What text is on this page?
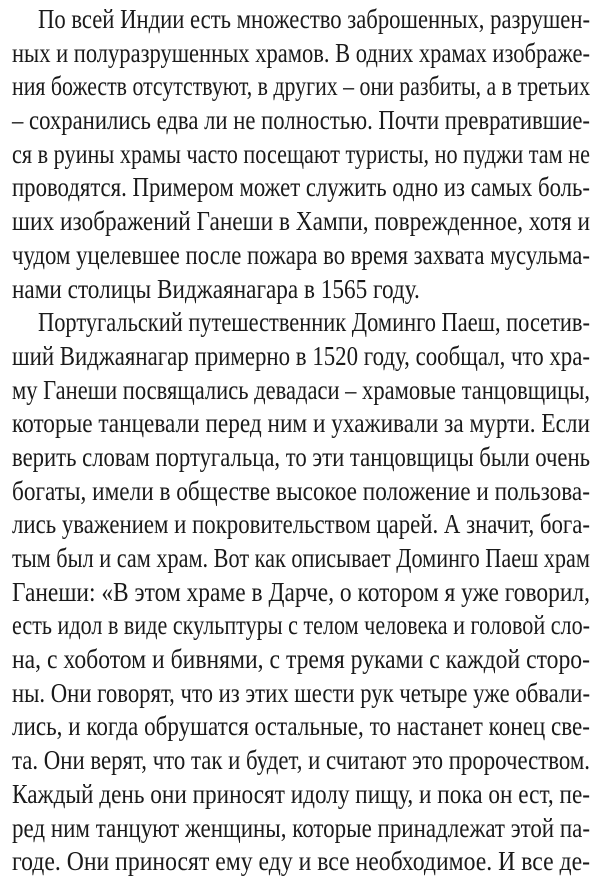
По всей Индии есть множество заброшенных, разрушен-
ных и полуразрушенных храмов. В одних храмах изображе-
ния божеств отсутствуют, в других – они разбиты, а в третьих
– сохранились едва ли не полностью. Почти превратившие-
ся в руины храмы часто посещают туристы, но пуджи там не
проводятся. Примером может служить одно из самых боль-
ших изображений Ганеши в Хампи, поврежденное, хотя и
чудом уцелевшее после пожара во время захвата мусульма-
нами столицы Виджаянагара в 1565 году.
Португальский путешественник Доминго Паеш, посетив-
ший Виджаянагар примерно в 1520 году, сообщал, что хра-
му Ганеши посвящались девадаси – храмовые танцовщицы,
которые танцевали перед ним и ухаживали за мурти. Если
верить словам португальца, то эти танцовщицы были очень
богаты, имели в обществе высокое положение и пользова-
лись уважением и покровительством царей. А значит, бога-
тым был и сам храм. Вот как описывает Доминго Паеш храм
Ганеши: «В этом храме в Дарче, о котором я уже говорил,
есть идол в виде скульптуры с телом человека и головой сло-
на, с хоботом и бивнями, с тремя руками с каждой сторо-
ны. Они говорят, что из этих шести рук четыре уже обвали-
лись, и когда обрушатся остальные, то настанет конец све-
та. Они верят, что так и будет, и считают это пророчеством.
Каждый день они приносят идолу пищу, и пока он ест, пе-
ред ним танцуют женщины, которые принадлежат этой па-
годе. Они приносят ему еду и все необходимое. И все де-
